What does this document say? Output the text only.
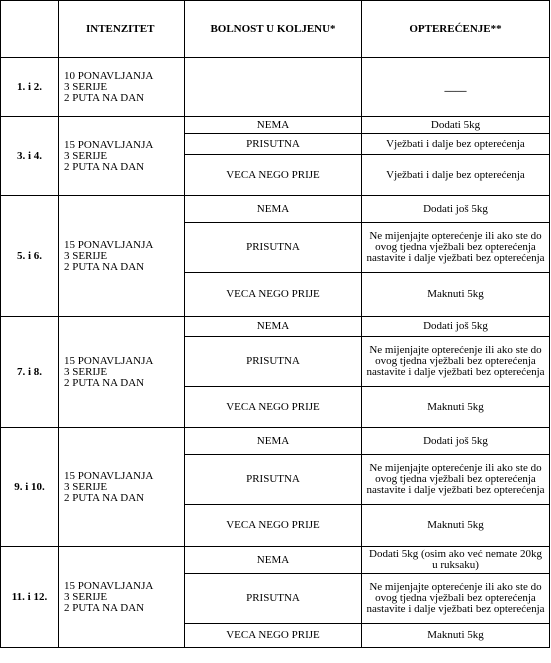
	INTENZITET	BOLNOST U KOLJENU*	OPTEREĆENJE**
1. i 2.	10 PONAVLJANJA
3 SERIJE
2 PUTA NA DAN		____
3. i 4.	15 PONAVLJANJA
3 SERIJE
2 PUTA NA DAN	NEMA	Dodati 5kg
		PRISUTNA	Vježbati i dalje bez opterećenja
		VECA NEGO PRIJE	Vježbati i dalje bez opterećenja
5. i 6.	15 PONAVLJANJA
3 SERIJE
2 PUTA NA DAN	NEMA	Dodati još 5kg
		PRISUTNA	Ne mijenjajte opterećenje ili ako ste do ovog tjedna vježbali bez opterećenja nastavite i dalje vježbati bez opterećenja
		VECA NEGO PRIJE	Maknuti 5kg
7. i 8.	15 PONAVLJANJA
3 SERIJE
2 PUTA NA DAN	NEMA	Dodati još 5kg
		PRISUTNA	Ne mijenjajte opterećenje ili ako ste do ovog tjedna vježbali bez opterećenja nastavite i dalje vježbati bez opterećenja
		VECA NEGO PRIJE	Maknuti 5kg
9. i 10.	15 PONAVLJANJA
3 SERIJE
2 PUTA NA DAN	NEMA	Dodati još 5kg
		PRISUTNA	Ne mijenjajte opterećenje ili ako ste do ovog tjedna vježbali bez opterećenja nastavite i dalje vježbati bez opterećenja
		VECA NEGO PRIJE	Maknuti 5kg
11. i 12.	15 PONAVLJANJA
3 SERIJE
2 PUTA NA DAN	NEMA	Dodati 5kg (osim ako već nemate 20kg u ruksaku)
		PRISUTNA	Ne mijenjajte opterećenje ili ako ste do ovog tjedna vježbali bez opterećenja nastavite i dalje vježbati bez opterećenja
		VECA NEGO PRIJE	Maknuti 5kg
